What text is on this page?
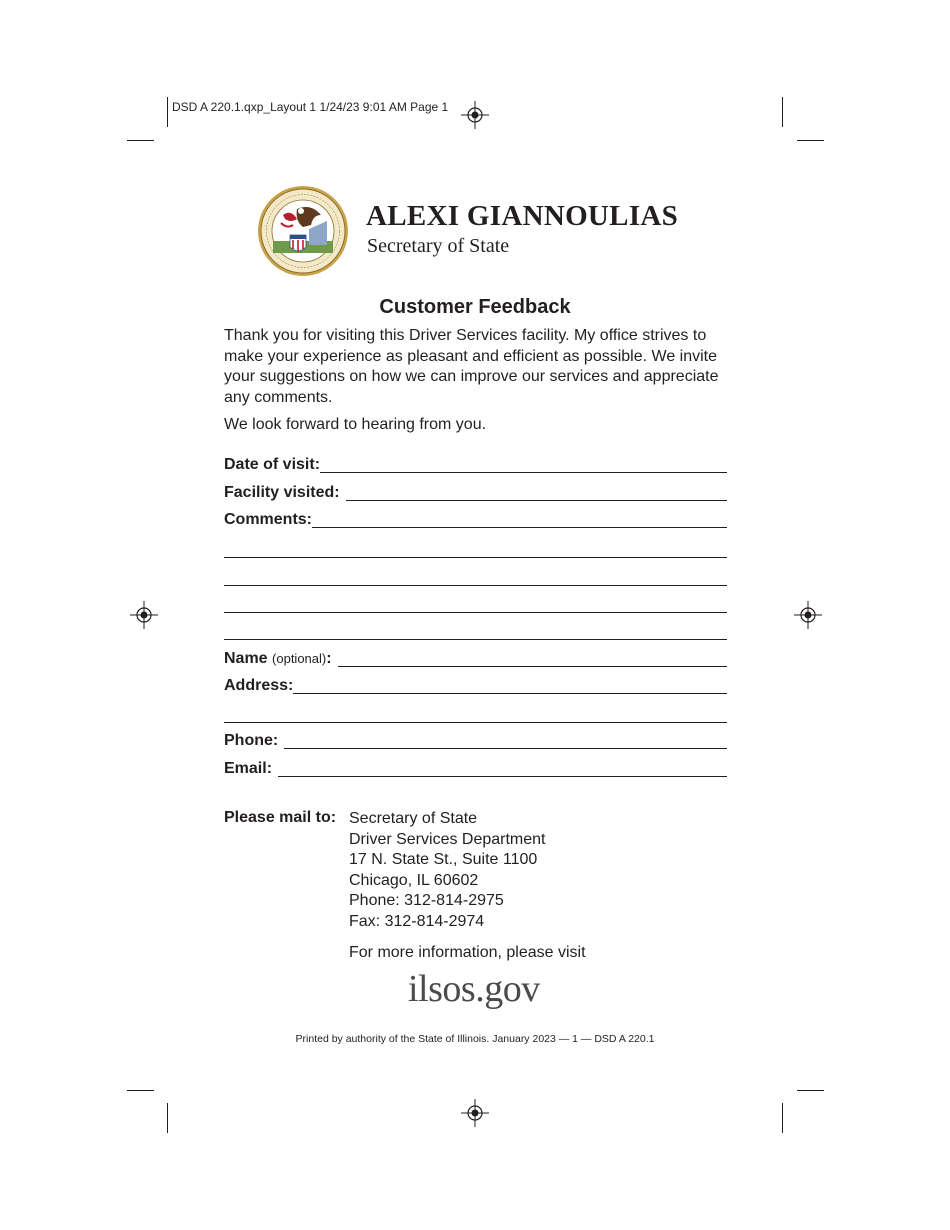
DSD A 220.1.qxp_Layout 1 1/24/23 9:01 AM Page 1
ALEXI GIANNOULIAS
Secretary of State
Customer Feedback
Thank you for visiting this Driver Services facility. My office strives to make your experience as pleasant and efficient as possible. We invite your suggestions on how we can improve our services and appreciate any comments.
We look forward to hearing from you.
Date of visit:
Facility visited:
Comments:
Name (optional):
Address:
Phone:
Email:
Please mail to: Secretary of State
Driver Services Department
17 N. State St., Suite 1100
Chicago, IL 60602
Phone: 312-814-2975
Fax: 312-814-2974
For more information, please visit
ilsos.gov
Printed by authority of the State of Illinois. January 2023 — 1 — DSD A 220.1
